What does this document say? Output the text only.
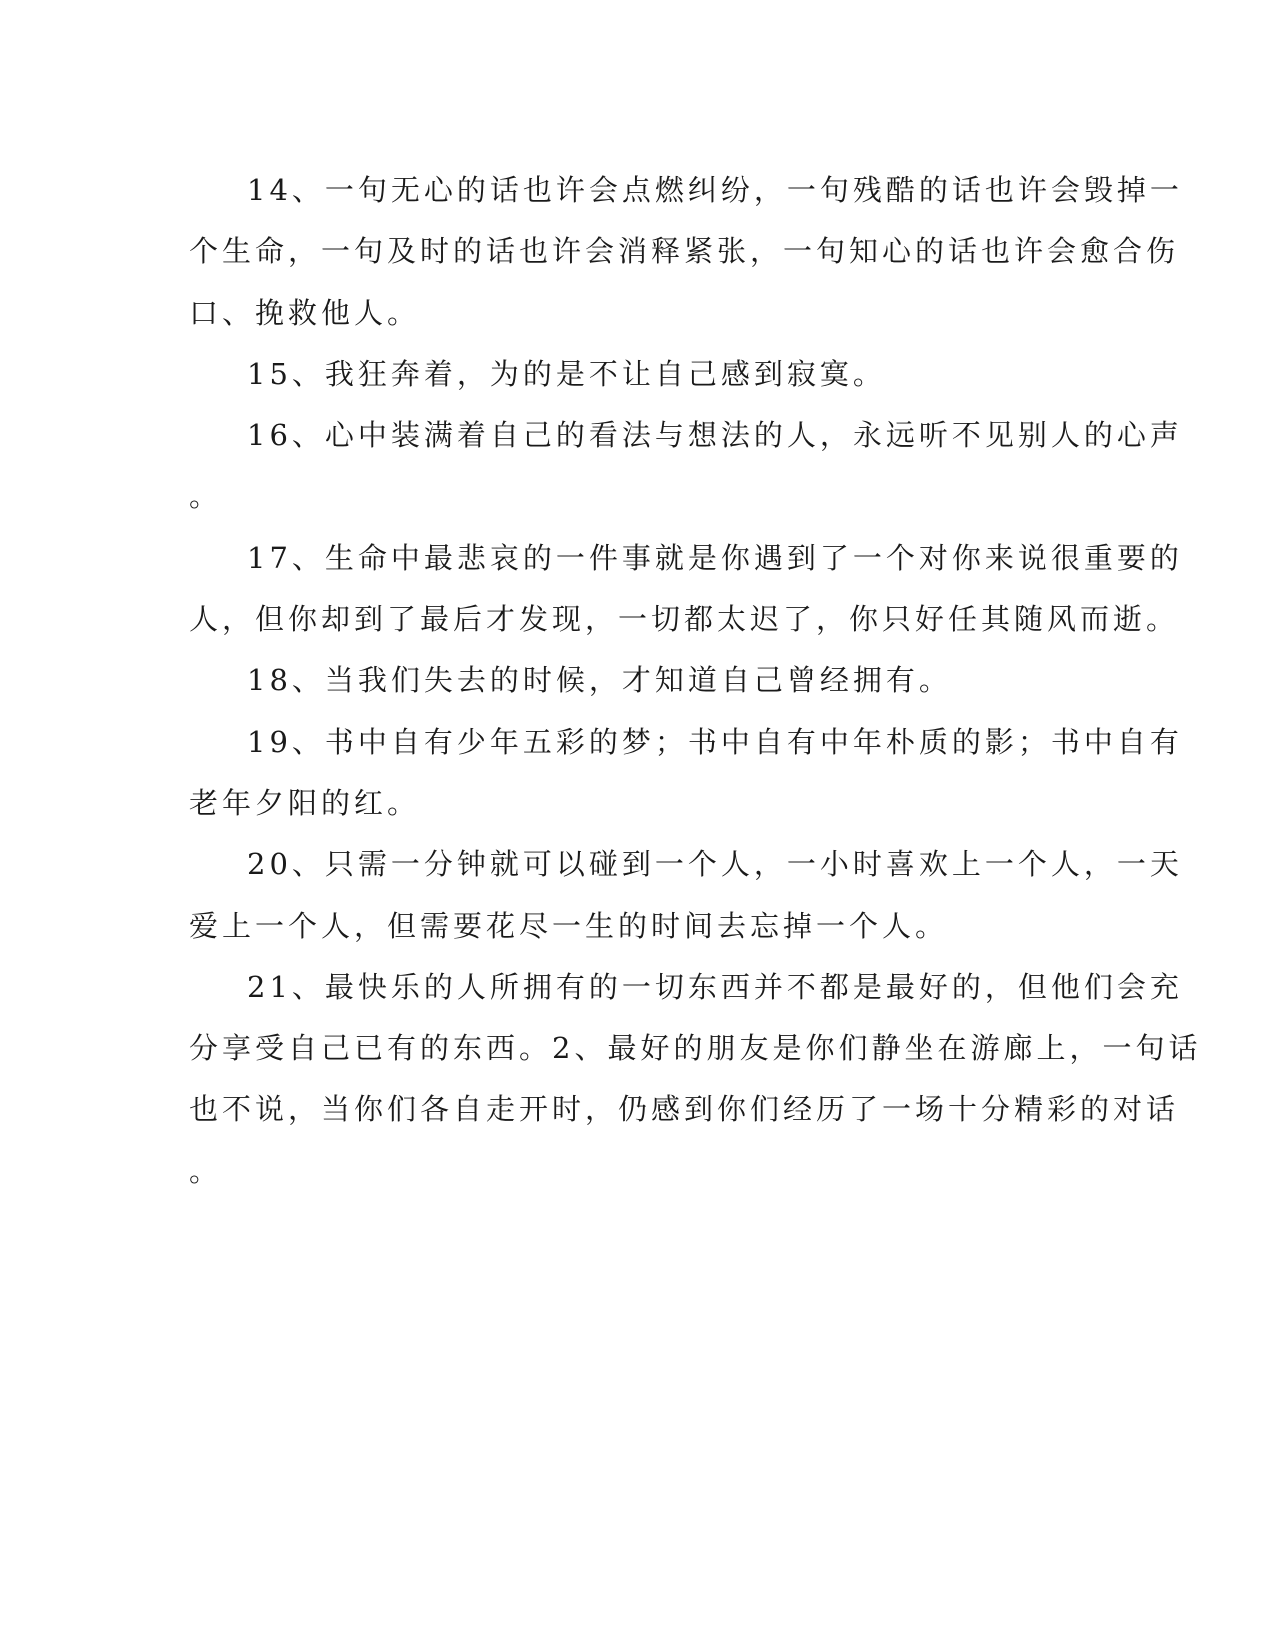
14、一句无心的话也许会点燃纠纷，一句残酷的话也许会毁掉一
个生命，一句及时的话也许会消释紧张，一句知心的话也许会愈合伤
口、挽救他人。

15、我狂奔着，为的是不让自己感到寂寞。

16、心中装满着自己的看法与想法的人，永远听不见别人的心声
。

17、生命中最悲哀的一件事就是你遇到了一个对你来说很重要的
人，但你却到了最后才发现，一切都太迟了，你只好任其随风而逝。

18、当我们失去的时候，才知道自己曾经拥有。

19、书中自有少年五彩的梦；书中自有中年朴质的影；书中自有
老年夕阳的红。

20、只需一分钟就可以碰到一个人，一小时喜欢上一个人，一天
爱上一个人，但需要花尽一生的时间去忘掉一个人。

21、最快乐的人所拥有的一切东西并不都是最好的，但他们会充
分享受自己已有的东西。2、最好的朋友是你们静坐在游廊上，一句话
也不说，当你们各自走开时，仍感到你们经历了一场十分精彩的对话
。
